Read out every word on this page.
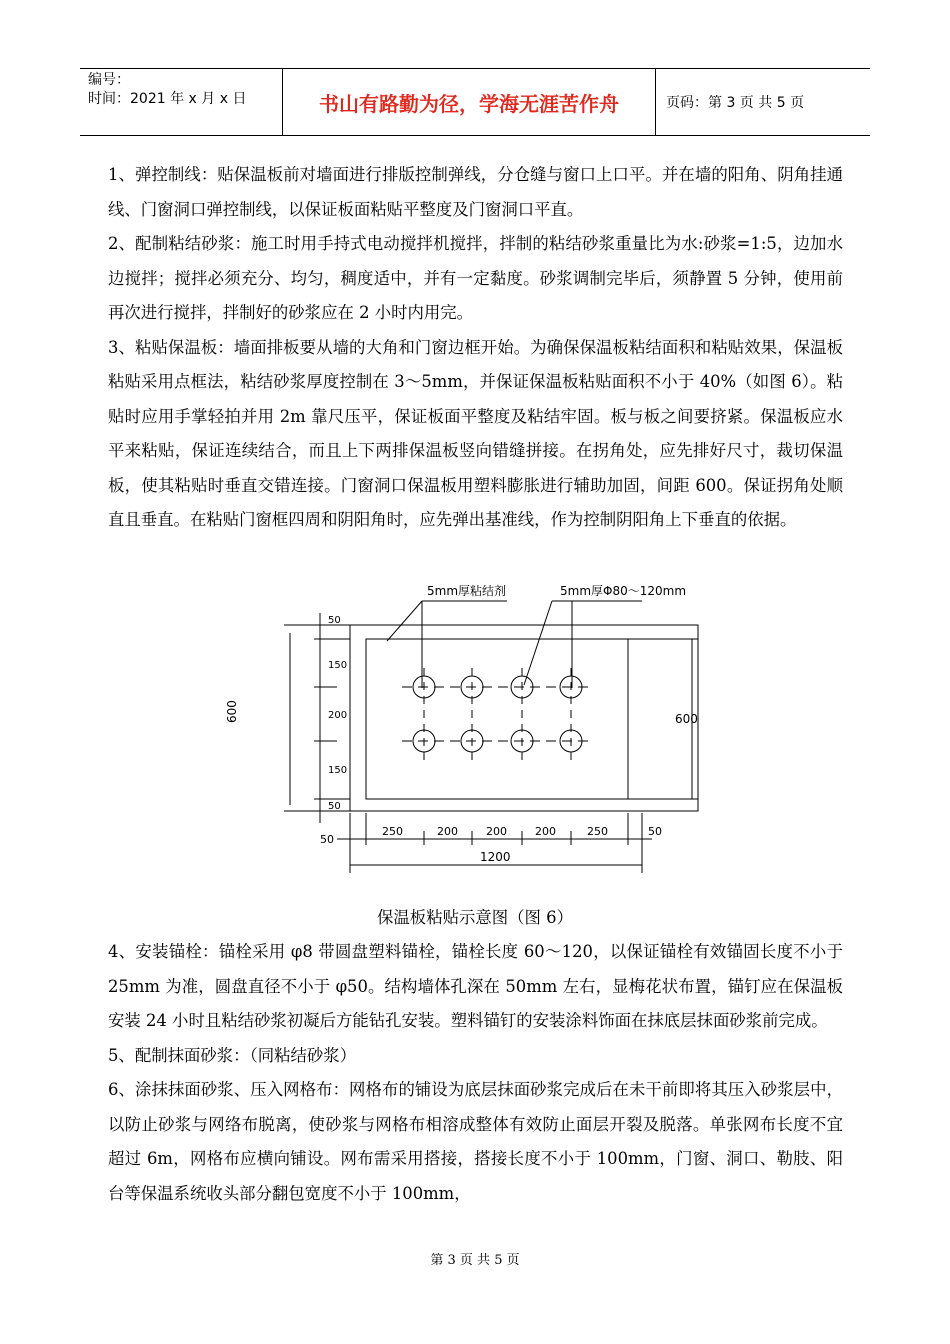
编号：
时间：2021 年 x 月 x 日	书山有路勤为径，学海无涯苦作舟	页码：第 3 页 共 5 页

1、弹控制线：贴保温板前对墙面进行排版控制弹线，分仓缝与窗口上口平。并在墙的阳角、阴角挂通线、门窗洞口弹控制线，以保证板面粘贴平整度及门窗洞口平直。

2、配制粘结砂浆：施工时用手持式电动搅拌机搅拌，拌制的粘结砂浆重量比为水:砂浆=1:5，边加水边搅拌；搅拌必须充分、均匀，稠度适中，并有一定黏度。砂浆调制完毕后，须静置 5 分钟，使用前再次进行搅拌，拌制好的砂浆应在 2 小时内用完。

3、粘贴保温板：墙面排板要从墙的大角和门窗边框开始。为确保保温板粘结面积和粘贴效果，保温板粘贴采用点框法，粘结砂浆厚度控制在 3～5mm，并保证保温板粘贴面积不小于 40%（如图 6）。粘贴时应用手掌轻拍并用 2m 靠尺压平，保证板面平整度及粘结牢固。板与板之间要挤紧。保温板应水平来粘贴，保证连续结合，而且上下两排保温板竖向错缝拼接。在拐角处，应先排好尺寸，裁切保温板，使其粘贴时垂直交错连接。门窗洞口保温板用塑料膨胀进行辅助加固，间距 600。保证拐角处顺直且垂直。在粘贴门窗框四周和阴阳角时，应先弹出基准线，作为控制阴阳角上下垂直的依据。

5mm厚粘结剂	5mm厚Φ80～120mm
600
50
150
200
150
50
600
50
250	200	200	200	250	50
1200
保温板粘贴示意图（图 6）

4、安装锚栓：锚栓采用 φ8 带圆盘塑料锚栓，锚栓长度 60～120，以保证锚栓有效锚固长度不小于 25mm 为准，圆盘直径不小于 φ50。结构墙体孔深在 50mm 左右，显梅花状布置，锚钉应在保温板安装 24 小时且粘结砂浆初凝后方能钻孔安装。塑料锚钉的安装涂料饰面在抹底层抹面砂浆前完成。

5、配制抹面砂浆：（同粘结砂浆）

6、涂抹抹面砂浆、压入网格布：网格布的铺设为底层抹面砂浆完成后在未干前即将其压入砂浆层中，以防止砂浆与网络布脱离，使砂浆与网格布相溶成整体有效防止面层开裂及脱落。单张网布长度不宜超过 6m，网格布应横向铺设。网布需采用搭接，搭接长度不小于 100mm，门窗、洞口、勒肢、阳台等保温系统收头部分翻包宽度不小于 100mm，

第 3 页 共 5 页
